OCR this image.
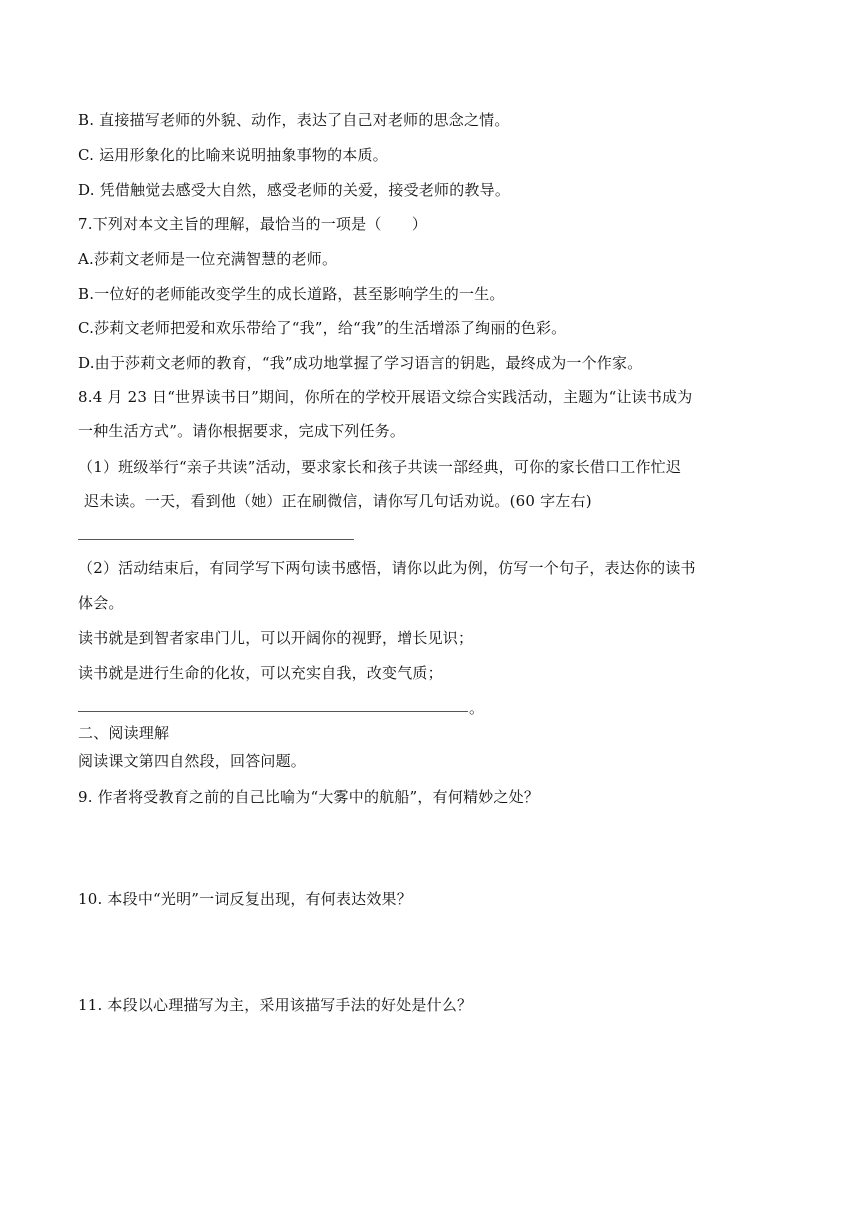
B. 直接描写老师的外貌、动作，表达了自己对老师的思念之情。
C. 运用形象化的比喻来说明抽象事物的本质。
D. 凭借触觉去感受大自然，感受老师的关爱，接受老师的教导。
7.下列对本文主旨的理解，最恰当的一项是（　　）
A.莎莉文老师是一位充满智慧的老师。
B.一位好的老师能改变学生的成长道路，甚至影响学生的一生。
C.莎莉文老师把爱和欢乐带给了“我”，给“我”的生活增添了绚丽的色彩。
D.由于莎莉文老师的教育，“我”成功地掌握了学习语言的钥匙，最终成为一个作家。
8.4 月 23 日“世界读书日”期间，你所在的学校开展语文综合实践活动，主题为“让读书成为
一种生活方式”。请你根据要求，完成下列任务。
（1）班级举行“亲子共读”活动，要求家长和孩子共读一部经典，可你的家长借口工作忙迟
迟未读。一天，看到他（她）正在刷微信，请你写几句话劝说。(60 字左右)
（2）活动结束后，有同学写下两句读书感悟，请你以此为例，仿写一个句子，表达你的读书
体会。
读书就是到智者家串门儿，可以开阔你的视野，增长见识；
读书就是进行生命的化妆，可以充实自我，改变气质；
。
二、阅读理解
阅读课文第四自然段，回答问题。
9. 作者将受教育之前的自己比喻为“大雾中的航船”，有何精妙之处？
10. 本段中“光明”一词反复出现，有何表达效果？
11. 本段以心理描写为主，采用该描写手法的好处是什么？
